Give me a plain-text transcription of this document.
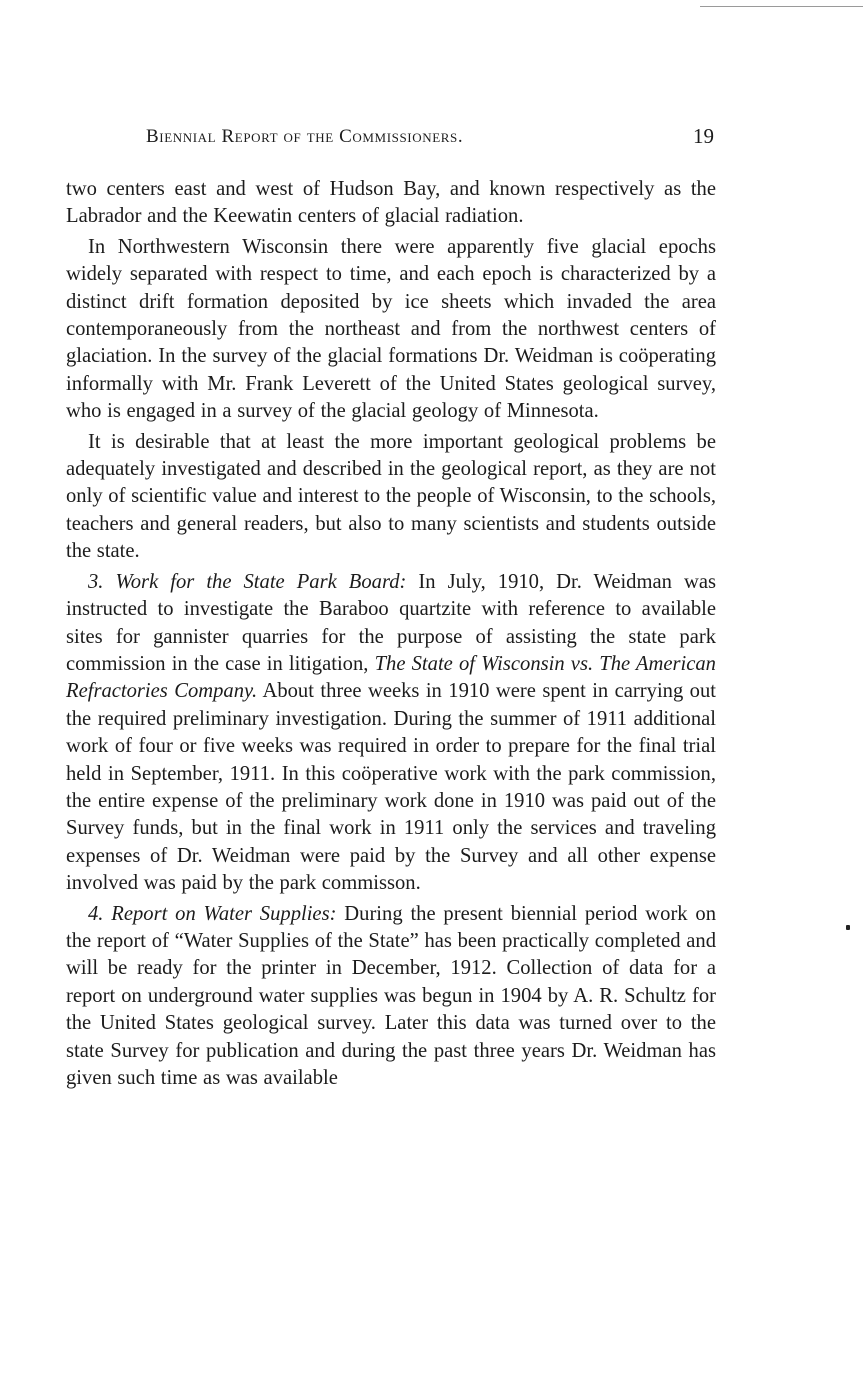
Biennial Report of the Commissioners.	19

two centers east and west of Hudson Bay, and known respectively as the Labrador and the Keewatin centers of glacial radiation.

In Northwestern Wisconsin there were apparently five glacial epochs widely separated with respect to time, and each epoch is characterized by a distinct drift formation deposited by ice sheets which invaded the area contemporaneously from the northeast and from the northwest centers of glaciation. In the survey of the glacial formations Dr. Weidman is coöperating informally with Mr. Frank Leverett of the United States geological survey, who is engaged in a survey of the glacial geology of Minnesota.

It is desirable that at least the more important geological problems be adequately investigated and described in the geological report, as they are not only of scientific value and interest to the people of Wisconsin, to the schools, teachers and general readers, but also to many scientists and students outside the state.

3. Work for the State Park Board: In July, 1910, Dr. Weidman was instructed to investigate the Baraboo quartzite with reference to available sites for gannister quarries for the purpose of assisting the state park commission in the case in litigation, The State of Wisconsin vs. The American Refractories Company. About three weeks in 1910 were spent in carrying out the required preliminary investigation. During the summer of 1911 additional work of four or five weeks was required in order to prepare for the final trial held in September, 1911. In this coöperative work with the park commission, the entire expense of the preliminary work done in 1910 was paid out of the Survey funds, but in the final work in 1911 only the services and traveling expenses of Dr. Weidman were paid by the Survey and all other expense involved was paid by the park commisson.

4. Report on Water Supplies: During the present biennial period work on the report of “Water Supplies of the State” has been practically completed and will be ready for the printer in December, 1912. Collection of data for a report on underground water supplies was begun in 1904 by A. R. Schultz for the United States geological survey. Later this data was turned over to the state Survey for publication and during the past three years Dr. Weidman has given such time as was available
